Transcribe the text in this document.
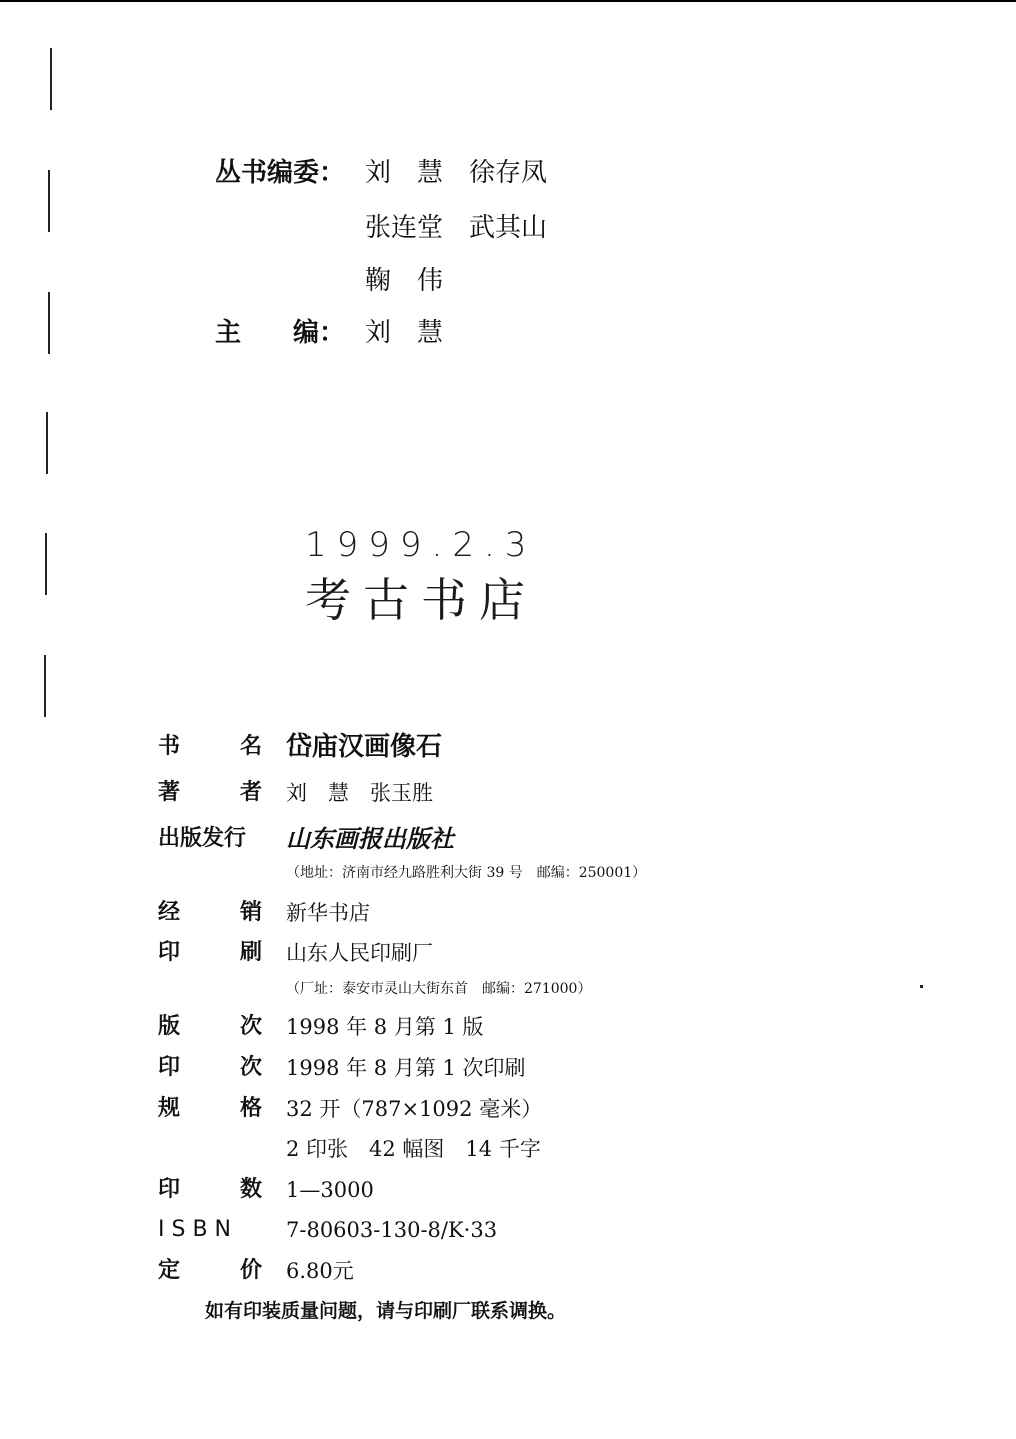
丛书编委： 刘　慧　徐存凤
张连堂　武其山
鞠　伟
主　　编： 刘　慧
1999.2.3
考古书店
书	名 岱庙汉画像石
著	者 刘　慧　张玉胜
出版发行	山东画报出版社
（地址：济南市经九路胜利大街 39 号　邮编：250001）
经	销 新华书店
印	刷 山东人民印刷厂
（厂址：泰安市灵山大街东首　邮编：271000）
版	次 1998 年 8 月第 1 版
印	次 1998 年 8 月第 1 次印刷
规	格 32 开（787×1092 毫米）
2 印张　42 幅图　14 千字
印	数 1—3000
I S B N	7-80603-130-8/K·33
定	价 6.80元
如有印装质量问题，请与印刷厂联系调换。
